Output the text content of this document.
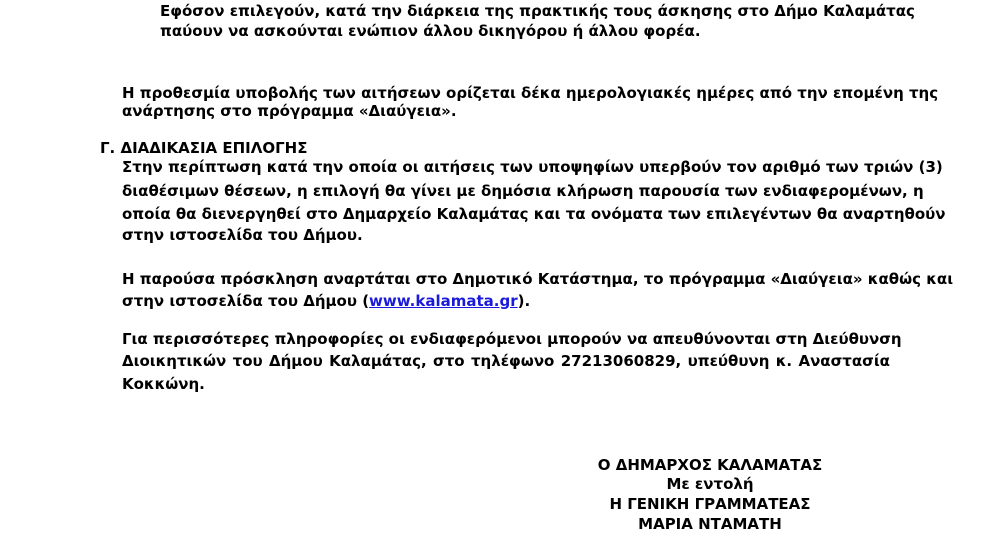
Εφόσον επιλεγούν, κατά την διάρκεια της πρακτικής τους άσκησης στο Δήμο Καλαμάτας
παύουν να ασκούνται ενώπιον άλλου δικηγόρου ή άλλου φορέα.
Η προθεσμία υποβολής των αιτήσεων ορίζεται δέκα ημερολογιακές ημέρες από την επομένη της
ανάρτησης στο πρόγραμμα «Διαύγεια».
Γ. ΔΙΑΔΙΚΑΣΙΑ ΕΠΙΛΟΓΗΣ
Στην περίπτωση κατά την οποία οι αιτήσεις των υποψηφίων υπερβούν τον αριθμό των τριών (3)
διαθέσιμων θέσεων, η επιλογή θα γίνει με δημόσια κλήρωση παρουσία των ενδιαφερομένων, η
οποία θα διενεργηθεί στο Δημαρχείο Καλαμάτας και τα ονόματα των επιλεγέντων θα αναρτηθούν
στην ιστοσελίδα του Δήμου.
Η παρούσα πρόσκληση αναρτάται στο Δημοτικό Κατάστημα, το πρόγραμμα «Διαύγεια» καθώς και
στην ιστοσελίδα του Δήμου (www.kalamata.gr).
Για περισσότερες πληροφορίες οι ενδιαφερόμενοι μπορούν να απευθύνονται στη Διεύθυνση
Διοικητικών του Δήμου Καλαμάτας, στο τηλέφωνο 27213060829, υπεύθυνη κ. Αναστασία
Κοκκώνη.
Ο ΔΗΜΑΡΧΟΣ ΚΑΛΑΜΑΤΑΣ
Με εντολή
Η ΓΕΝΙΚΗ ΓΡΑΜΜΑΤΕΑΣ
ΜΑΡΙΑ ΝΤΑΜΑΤΗ
